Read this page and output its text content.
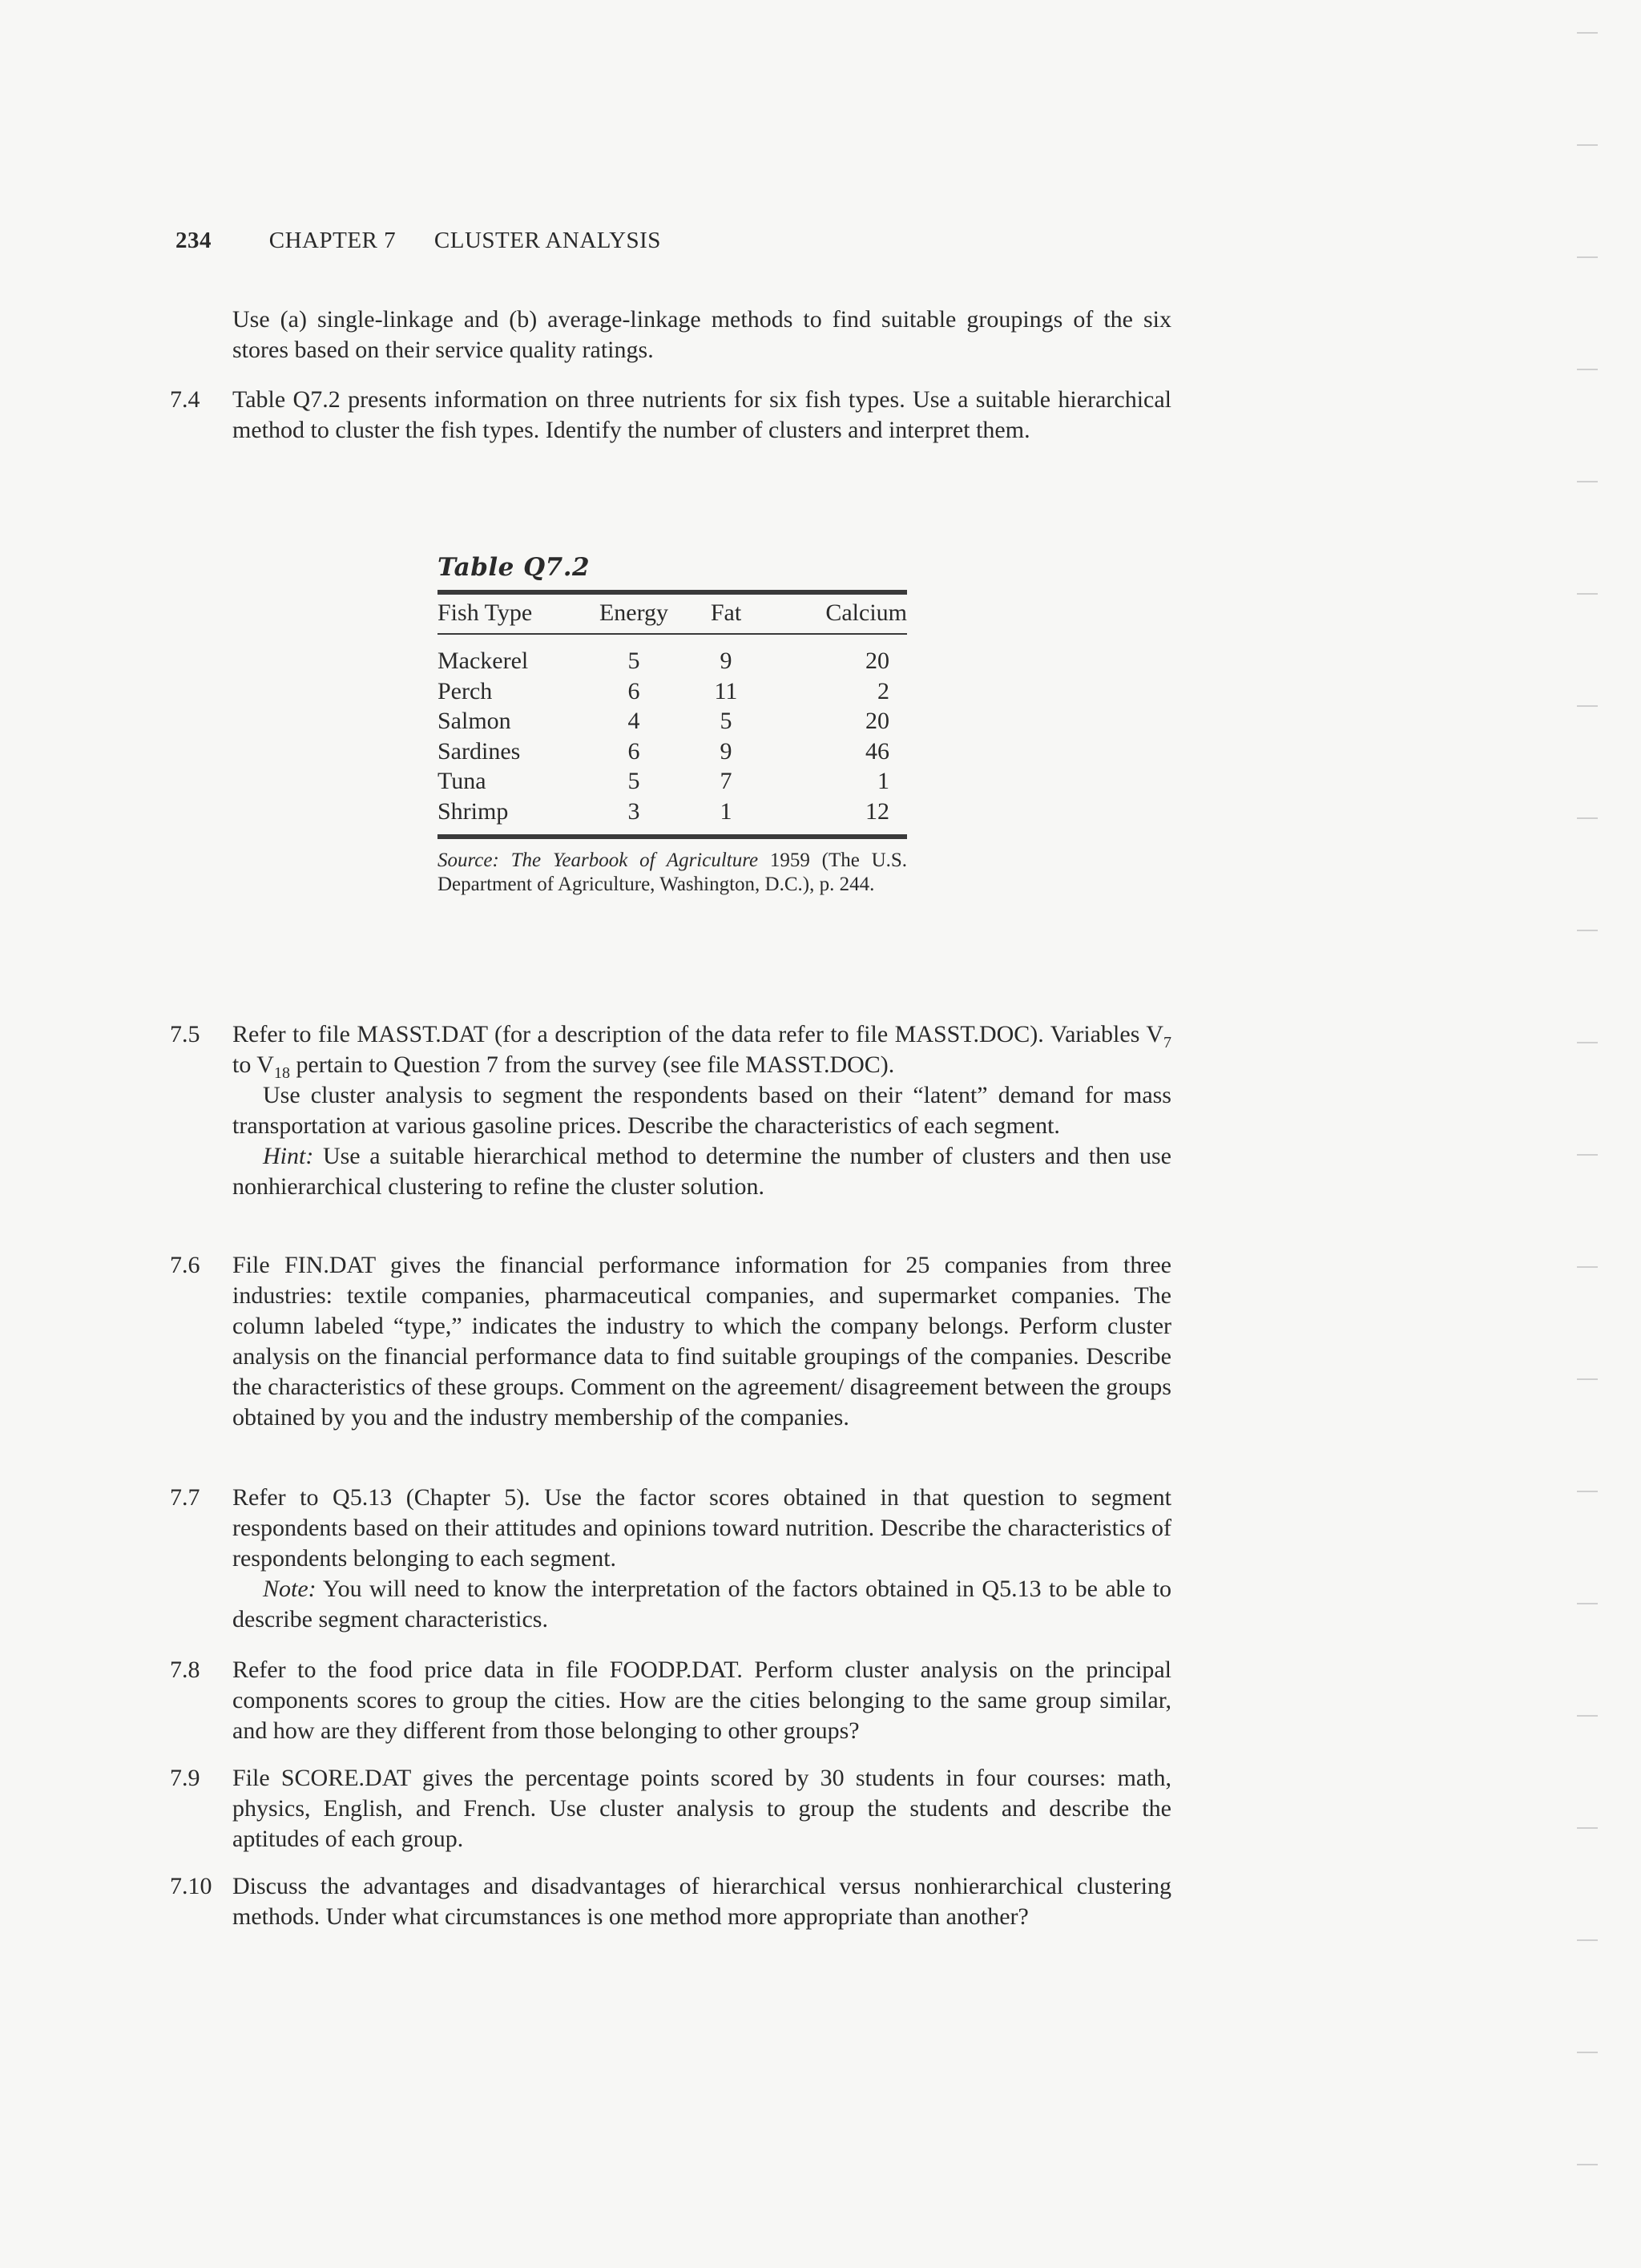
234 CHAPTER 7 CLUSTER ANALYSIS
Use (a) single-linkage and (b) average-linkage methods to find suitable groupings of the six stores based on their service quality ratings.
7.4	Table Q7.2 presents information on three nutrients for six fish types. Use a suitable hierarchical method to cluster the fish types. Identify the number of clusters and interpret them.

Table Q7.2
Fish Type	Energy	Fat	Calcium
Mackerel	5	9	20
Perch	6	11	2
Salmon	4	5	20
Sardines	6	9	46
Tuna	5	7	1
Shrimp	3	1	12
Source: The Yearbook of Agriculture 1959 (The U.S. Department of Agriculture, Washington, D.C.), p. 244.
7.5	Refer to file MASST.DAT (for a description of the data refer to file MASST.DOC). Variables $V_7$ to $V_{18}$ pertain to Question 7 from the survey (see file MASST.DOC).

Use cluster analysis to segment the respondents based on their “latent” demand for mass transportation at various gasoline prices. Describe the characteristics of each segment.

Hint: Use a suitable hierarchical method to determine the number of clusters and then use nonhierarchical clustering to refine the cluster solution.

7.6	File FIN.DAT gives the financial performance information for 25 companies from three industries: textile companies, pharmaceutical companies, and supermarket companies. The column labeled “type,” indicates the industry to which the company belongs. Perform cluster analysis on the financial performance data to find suitable groupings of the companies. Describe the characteristics of these groups. Comment on the agreement/ disagreement between the groups obtained by you and the industry membership of the companies.

7.7	Refer to Q5.13 (Chapter 5). Use the factor scores obtained in that question to segment respondents based on their attitudes and opinions toward nutrition. Describe the characteristics of respondents belonging to each segment.

Note: You will need to know the interpretation of the factors obtained in Q5.13 to be able to describe segment characteristics.

7.8	Refer to the food price data in file FOODP.DAT. Perform cluster analysis on the principal components scores to group the cities. How are the cities belonging to the same group similar, and how are they different from those belonging to other groups?

7.9	File SCORE.DAT gives the percentage points scored by 30 students in four courses: math, physics, English, and French. Use cluster analysis to group the students and describe the aptitudes of each group.

7.10 Discuss the advantages and disadvantages of hierarchical versus nonhierarchical clustering methods. Under what circumstances is one method more appropriate than another?
